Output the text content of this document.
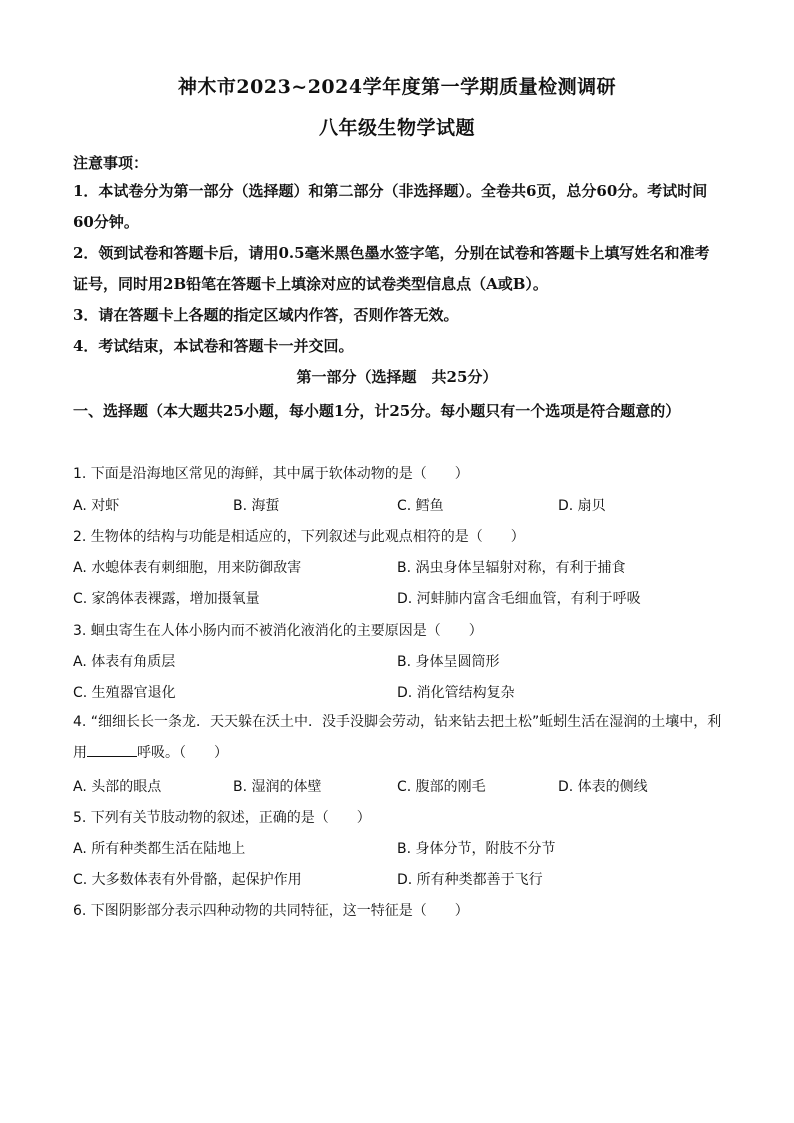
神木市2023~2024学年度第一学期质量检测调研
八年级生物学试题
注意事项：
1．本试卷分为第一部分（选择题）和第二部分（非选择题）。全卷共6页，总分60分。考试时间60分钟。
2．领到试卷和答题卡后，请用0.5毫米黑色墨水签字笔，分别在试卷和答题卡上填写姓名和准考证号，同时用2B铅笔在答题卡上填涂对应的试卷类型信息点（A或B）。
3．请在答题卡上各题的指定区域内作答，否则作答无效。
4．考试结束，本试卷和答题卡一并交回。
第一部分（选择题　共25分）
一、选择题（本大题共25小题，每小题1分，计25分。每小题只有一个选项是符合题意的）
1. 下面是沿海地区常见的海鲜，其中属于软体动物的是（　　）
A. 对虾	B. 海蜇	C. 鳕鱼	D. 扇贝
2. 生物体的结构与功能是相适应的，下列叙述与此观点相符的是（　　）
A. 水螅体表有刺细胞，用来防御敌害	B. 涡虫身体呈辐射对称，有利于捕食
C. 家鸽体表裸露，增加摄氧量	D. 河蚌肺内富含毛细血管，有利于呼吸
3. 蛔虫寄生在人体小肠内而不被消化液消化的主要原因是（　　）
A. 体表有角质层	B. 身体呈圆筒形
C. 生殖器官退化	D. 消化管结构复杂
4. “细细长长一条龙．天天躲在沃土中．没手没脚会劳动，钻来钻去把土松”蚯蚓生活在湿润的土壤中，利用	呼吸。（　　）
A. 头部的眼点	B. 湿润的体壁	C. 腹部的刚毛	D. 体表的侧线
5. 下列有关节肢动物的叙述，正确的是（　　）
A. 所有种类都生活在陆地上	B. 身体分节，附肢不分节
C. 大多数体表有外骨骼，起保护作用	D. 所有种类都善于飞行
6. 下图阴影部分表示四种动物的共同特征，这一特征是（　　）
